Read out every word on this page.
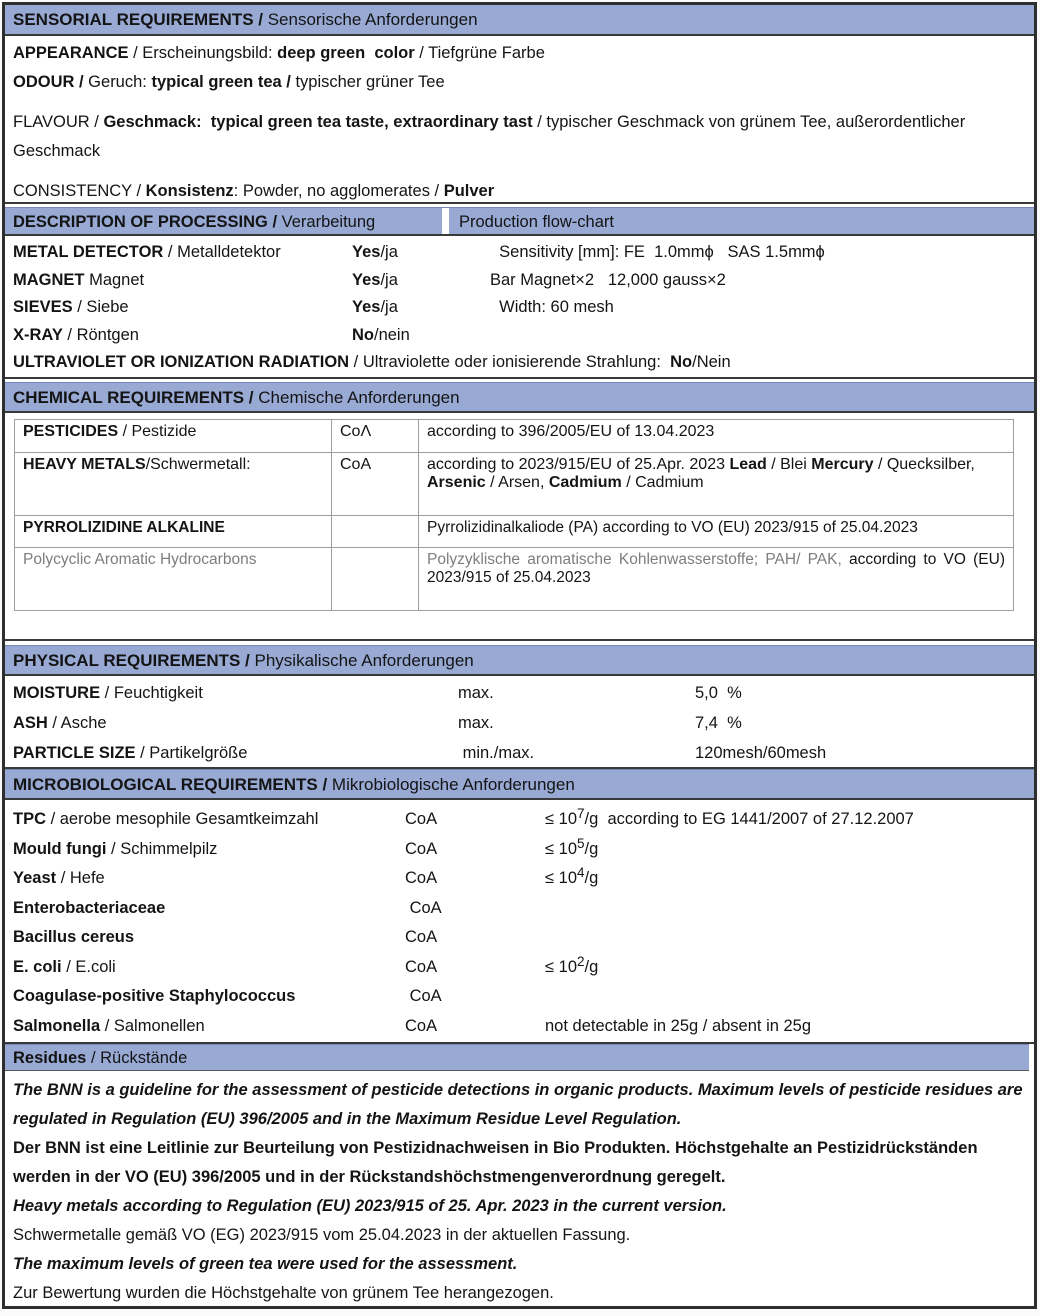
SENSORIAL REQUIREMENTS / Sensorische Anforderungen
APPEARANCE / Erscheinungsbild: deep green  color / Tiefgrüne Farbe
ODOUR / Geruch: typical green tea / typischer grüner Tee
FLAVOUR / Geschmack:  typical green tea taste, extraordinary tast / typischer Geschmack von grünem Tee, außerordentlicher Geschmack
CONSISTENCY / Konsistenz: Powder, no agglomerates / Pulver
DESCRIPTION OF PROCESSING / Verarbeitung	Production flow-chart
METAL DETECTOR / Metalldetektor	Yes/ja	Sensitivity [mm]: FE  1.0mmϕ   SAS 1.5mmϕ
MAGNET Magnet	Yes/ja	Bar Magnet×2   12,000 gauss×2
SIEVES / Siebe	Yes/ja	Width: 60 mesh
X-RAY / Röntgen	No/nein
ULTRAVIOLET OR IONIZATION RADIATION / Ultraviolette oder ionisierende Strahlung:  No/Nein
CHEMICAL REQUIREMENTS / Chemische Anforderungen
PESTICIDES / Pestizide	CoΛ	according to 396/2005/EU of 13.04.2023
HEAVY METALS/Schwermetall:	CoA	according to 2023/915/EU of 25.Apr. 2023 Lead / Blei Mercury / Quecksilber,  Arsenic / Arsen, Cadmium / Cadmium
PYRROLIZIDINE ALKALINE		Pyrrolizidinalkaliode (PA) according to VO (EU) 2023/915 of 25.04.2023
Polycyclic Aromatic Hydrocarbons		Polyzyklische aromatische Kohlenwasserstoffe; PAH/ PAK, according to VO (EU) 2023/915 of 25.04.2023
PHYSICAL REQUIREMENTS / Physikalische Anforderungen
MOISTURE / Feuchtigkeit	max.	5,0  %
ASH / Asche	max.	7,4  %
PARTICLE SIZE / Partikelgröße	min./max.	120mesh/60mesh
MICROBIOLOGICAL REQUIREMENTS / Mikrobiologische Anforderungen
TPC / aerobe mesophile Gesamtkeimzahl	CoA	≤ $10^7/g$  according to EG 1441/2007 of 27.12.2007
Mould fungi / Schimmelpilz	CoA	≤ $10^5/g$
Yeast / Hefe	CoA	≤ $10^4/g$
Enterobacteriaceae	CoA
Bacillus cereus	CoA
E. coli / E.coli	CoA	≤ $10^2/g$
Coagulase-positive Staphylococcus	CoA
Salmonella / Salmonellen	CoA	not detectable in 25g / absent in 25g
Residues / Rückstände
The BNN is a guideline for the assessment of pesticide detections in organic products. Maximum levels of pesticide residues are regulated in Regulation (EU) 396/2005 and in the Maximum Residue Level Regulation.
Der BNN ist eine Leitlinie zur Beurteilung von Pestizidnachweisen in Bio Produkten. Höchstgehalte an Pestizidrückständen werden in der VO (EU) 396/2005 und in der Rückstandshöchstmengenverordnung geregelt.
Heavy metals according to Regulation (EU) 2023/915 of 25. Apr. 2023 in the current version.
Schwermetalle gemäß VO (EG) 2023/915 vom 25.04.2023 in der aktuellen Fassung.
The maximum levels of green tea were used for the assessment.
Zur Bewertung wurden die Höchstgehalte von grünem Tee herangezogen.
